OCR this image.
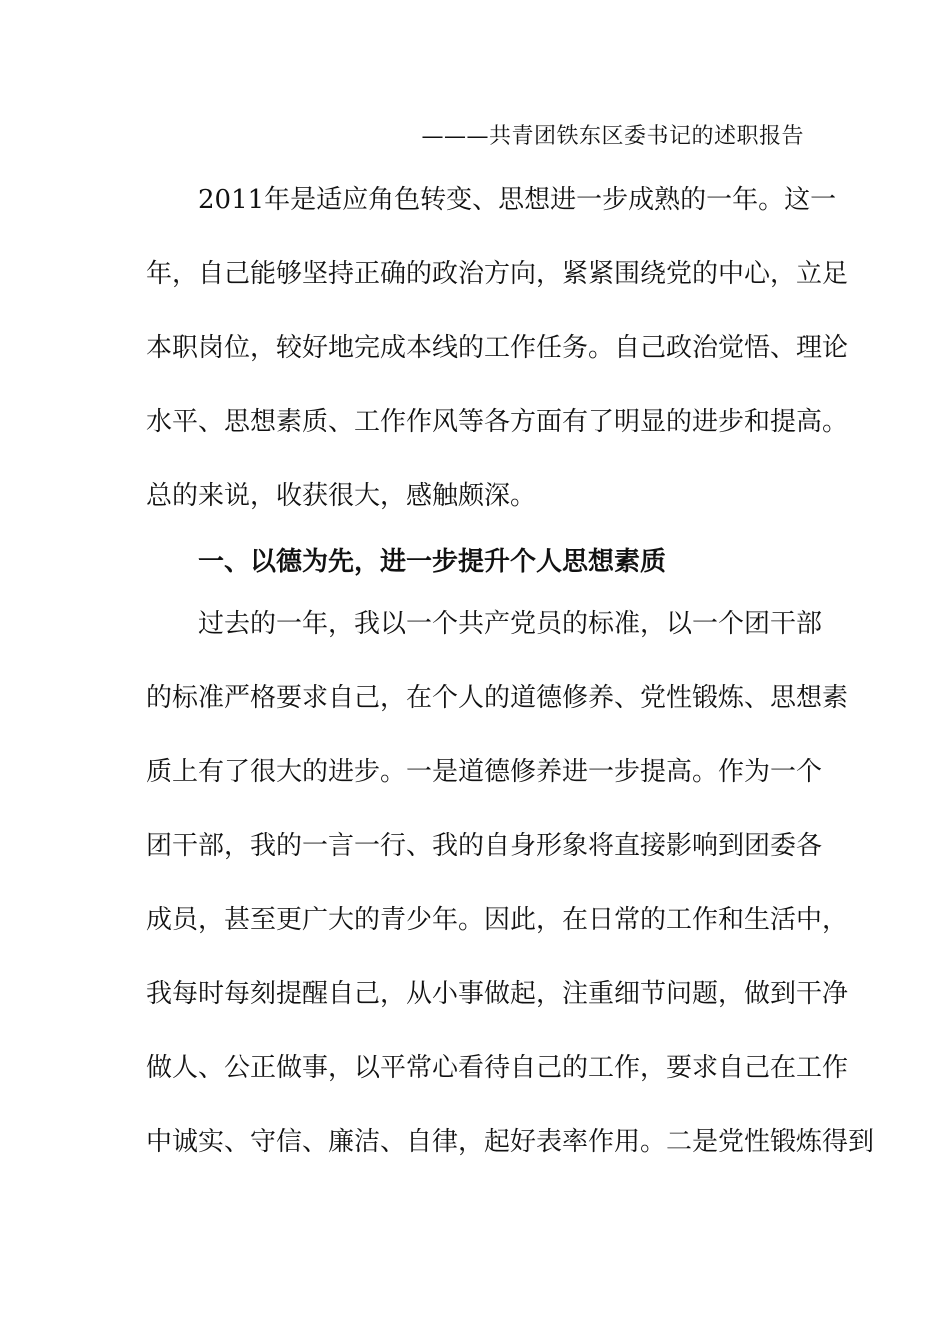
———共青团铁东区委书记的述职报告
2011年是适应角色转变、思想进一步成熟的一年。这一
年，自己能够坚持正确的政治方向，紧紧围绕党的中心，立足
本职岗位，较好地完成本线的工作任务。自己政治觉悟、理论
水平、思想素质、工作作风等各方面有了明显的进步和提高。
总的来说，收获很大，感触颇深。
一、以德为先，进一步提升个人思想素质
过去的一年，我以一个共产党员的标准，以一个团干部
的标准严格要求自己，在个人的道德修养、党性锻炼、思想素
质上有了很大的进步。一是道德修养进一步提高。作为一个
团干部，我的一言一行、我的自身形象将直接影响到团委各
成员，甚至更广大的青少年。因此，在日常的工作和生活中，
我每时每刻提醒自己，从小事做起，注重细节问题，做到干净
做人、公正做事，以平常心看待自己的工作，要求自己在工作
中诚实、守信、廉洁、自律，起好表率作用。二是党性锻炼得到
